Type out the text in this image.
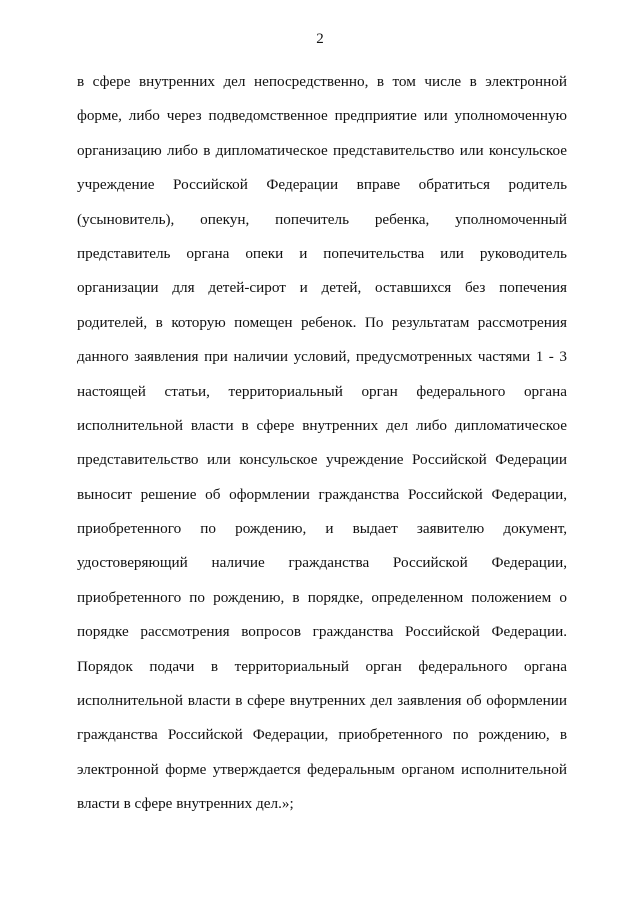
2
в сфере внутренних дел непосредственно, в том числе в электронной
форме, либо через подведомственное предприятие или уполномоченную
организацию либо в дипломатическое представительство или консульское
учреждение Российской Федерации вправе обратиться родитель
(усыновитель), опекун, попечитель ребенка, уполномоченный
представитель органа опеки и попечительства или руководитель
организации для детей-сирот и детей, оставшихся без попечения
родителей, в которую помещен ребенок. По результатам рассмотрения
данного заявления при наличии условий, предусмотренных частями 1 - 3
настоящей статьи, территориальный орган федерального органа
исполнительной власти в сфере внутренних дел либо дипломатическое
представительство или консульское учреждение Российской Федерации
выносит решение об оформлении гражданства Российской Федерации,
приобретенного по рождению, и выдает заявителю документ,
удостоверяющий наличие гражданства Российской Федерации,
приобретенного по рождению, в порядке, определенном положением о
порядке рассмотрения вопросов гражданства Российской Федерации.
Порядок подачи в территориальный орган федерального органа
исполнительной власти в сфере внутренних дел заявления об оформлении
гражданства Российской Федерации, приобретенного по рождению, в
электронной форме утверждается федеральным органом исполнительной
власти в сфере внутренних дел.»;
